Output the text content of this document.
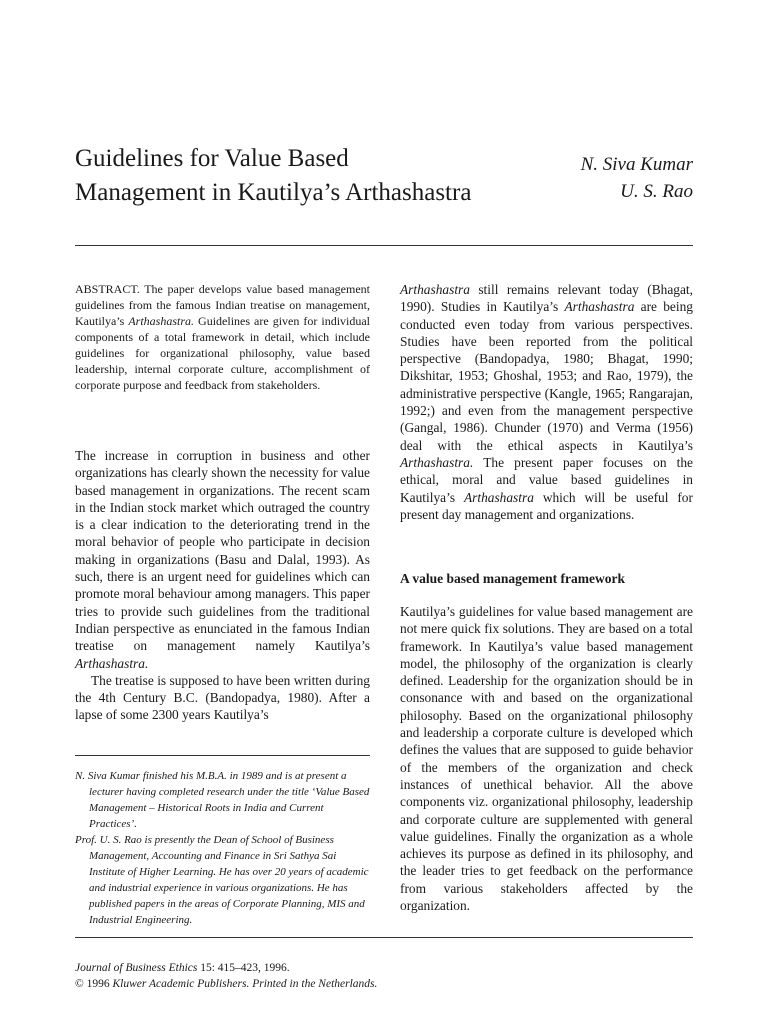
Guidelines for Value Based
Management in Kautilya’s Arthashastra
N. Siva Kumar
U. S. Rao
ABSTRACT. The paper develops value based management guidelines from the famous Indian treatise on management, Kautilya’s Arthashastra. Guidelines are given for individual components of a total framework in detail, which include guidelines for organizational philosophy, value based leadership, internal corporate culture, accomplishment of corporate purpose and feedback from stakeholders.

The increase in corruption in business and other organizations has clearly shown the necessity for value based management in organizations. The recent scam in the Indian stock market which outraged the country is a clear indication to the deteriorating trend in the moral behavior of people who participate in decision making in organizations (Basu and Dalal, 1993). As such, there is an urgent need for guidelines which can promote moral behaviour among managers. This paper tries to provide such guidelines from the traditional Indian perspective as enunciated in the famous Indian treatise on management namely Kautilya’s Arthashastra.

The treatise is supposed to have been written during the 4th Century B.C. (Bandopadya, 1980). After a lapse of some 2300 years Kautilya’s

N. Siva Kumar finished his M.B.A. in 1989 and is at present a lecturer having completed research under the title ‘Value Based Management – Historical Roots in India and Current Practices’.

Prof. U. S. Rao is presently the Dean of School of Business Management, Accounting and Finance in Sri Sathya Sai Institute of Higher Learning. He has over 20 years of academic and industrial experience in various organizations. He has published papers in the areas of Corporate Planning, MIS and Industrial Engineering.

Arthashastra still remains relevant today (Bhagat, 1990). Studies in Kautilya’s Arthashastra are being conducted even today from various perspectives. Studies have been reported from the political perspective (Bandopadya, 1980; Bhagat, 1990; Dikshitar, 1953; Ghoshal, 1953; and Rao, 1979), the administrative perspective (Kangle, 1965; Rangarajan, 1992;) and even from the management perspective (Gangal, 1986). Chunder (1970) and Verma (1956) deal with the ethical aspects in Kautilya’s Arthashastra. The present paper focuses on the ethical, moral and value based guidelines in Kautilya’s Arthashastra which will be useful for present day management and organizations.

A value based management framework

Kautilya’s guidelines for value based management are not mere quick fix solutions. They are based on a total framework. In Kautilya’s value based management model, the philosophy of the organization is clearly defined. Leadership for the organization should be in consonance with and based on the organizational philosophy. Based on the organizational philosophy and leadership a corporate culture is developed which defines the values that are supposed to guide behavior of the members of the organization and check instances of unethical behavior. All the above components viz. organizational philosophy, leadership and corporate culture are supplemented with general value guidelines. Finally the organization as a whole achieves its purpose as defined in its philosophy, and the leader tries to get feedback on the performance from various stakeholders affected by the organization.

Journal of Business Ethics 15: 415–423, 1996.
© 1996 Kluwer Academic Publishers. Printed in the Netherlands.
